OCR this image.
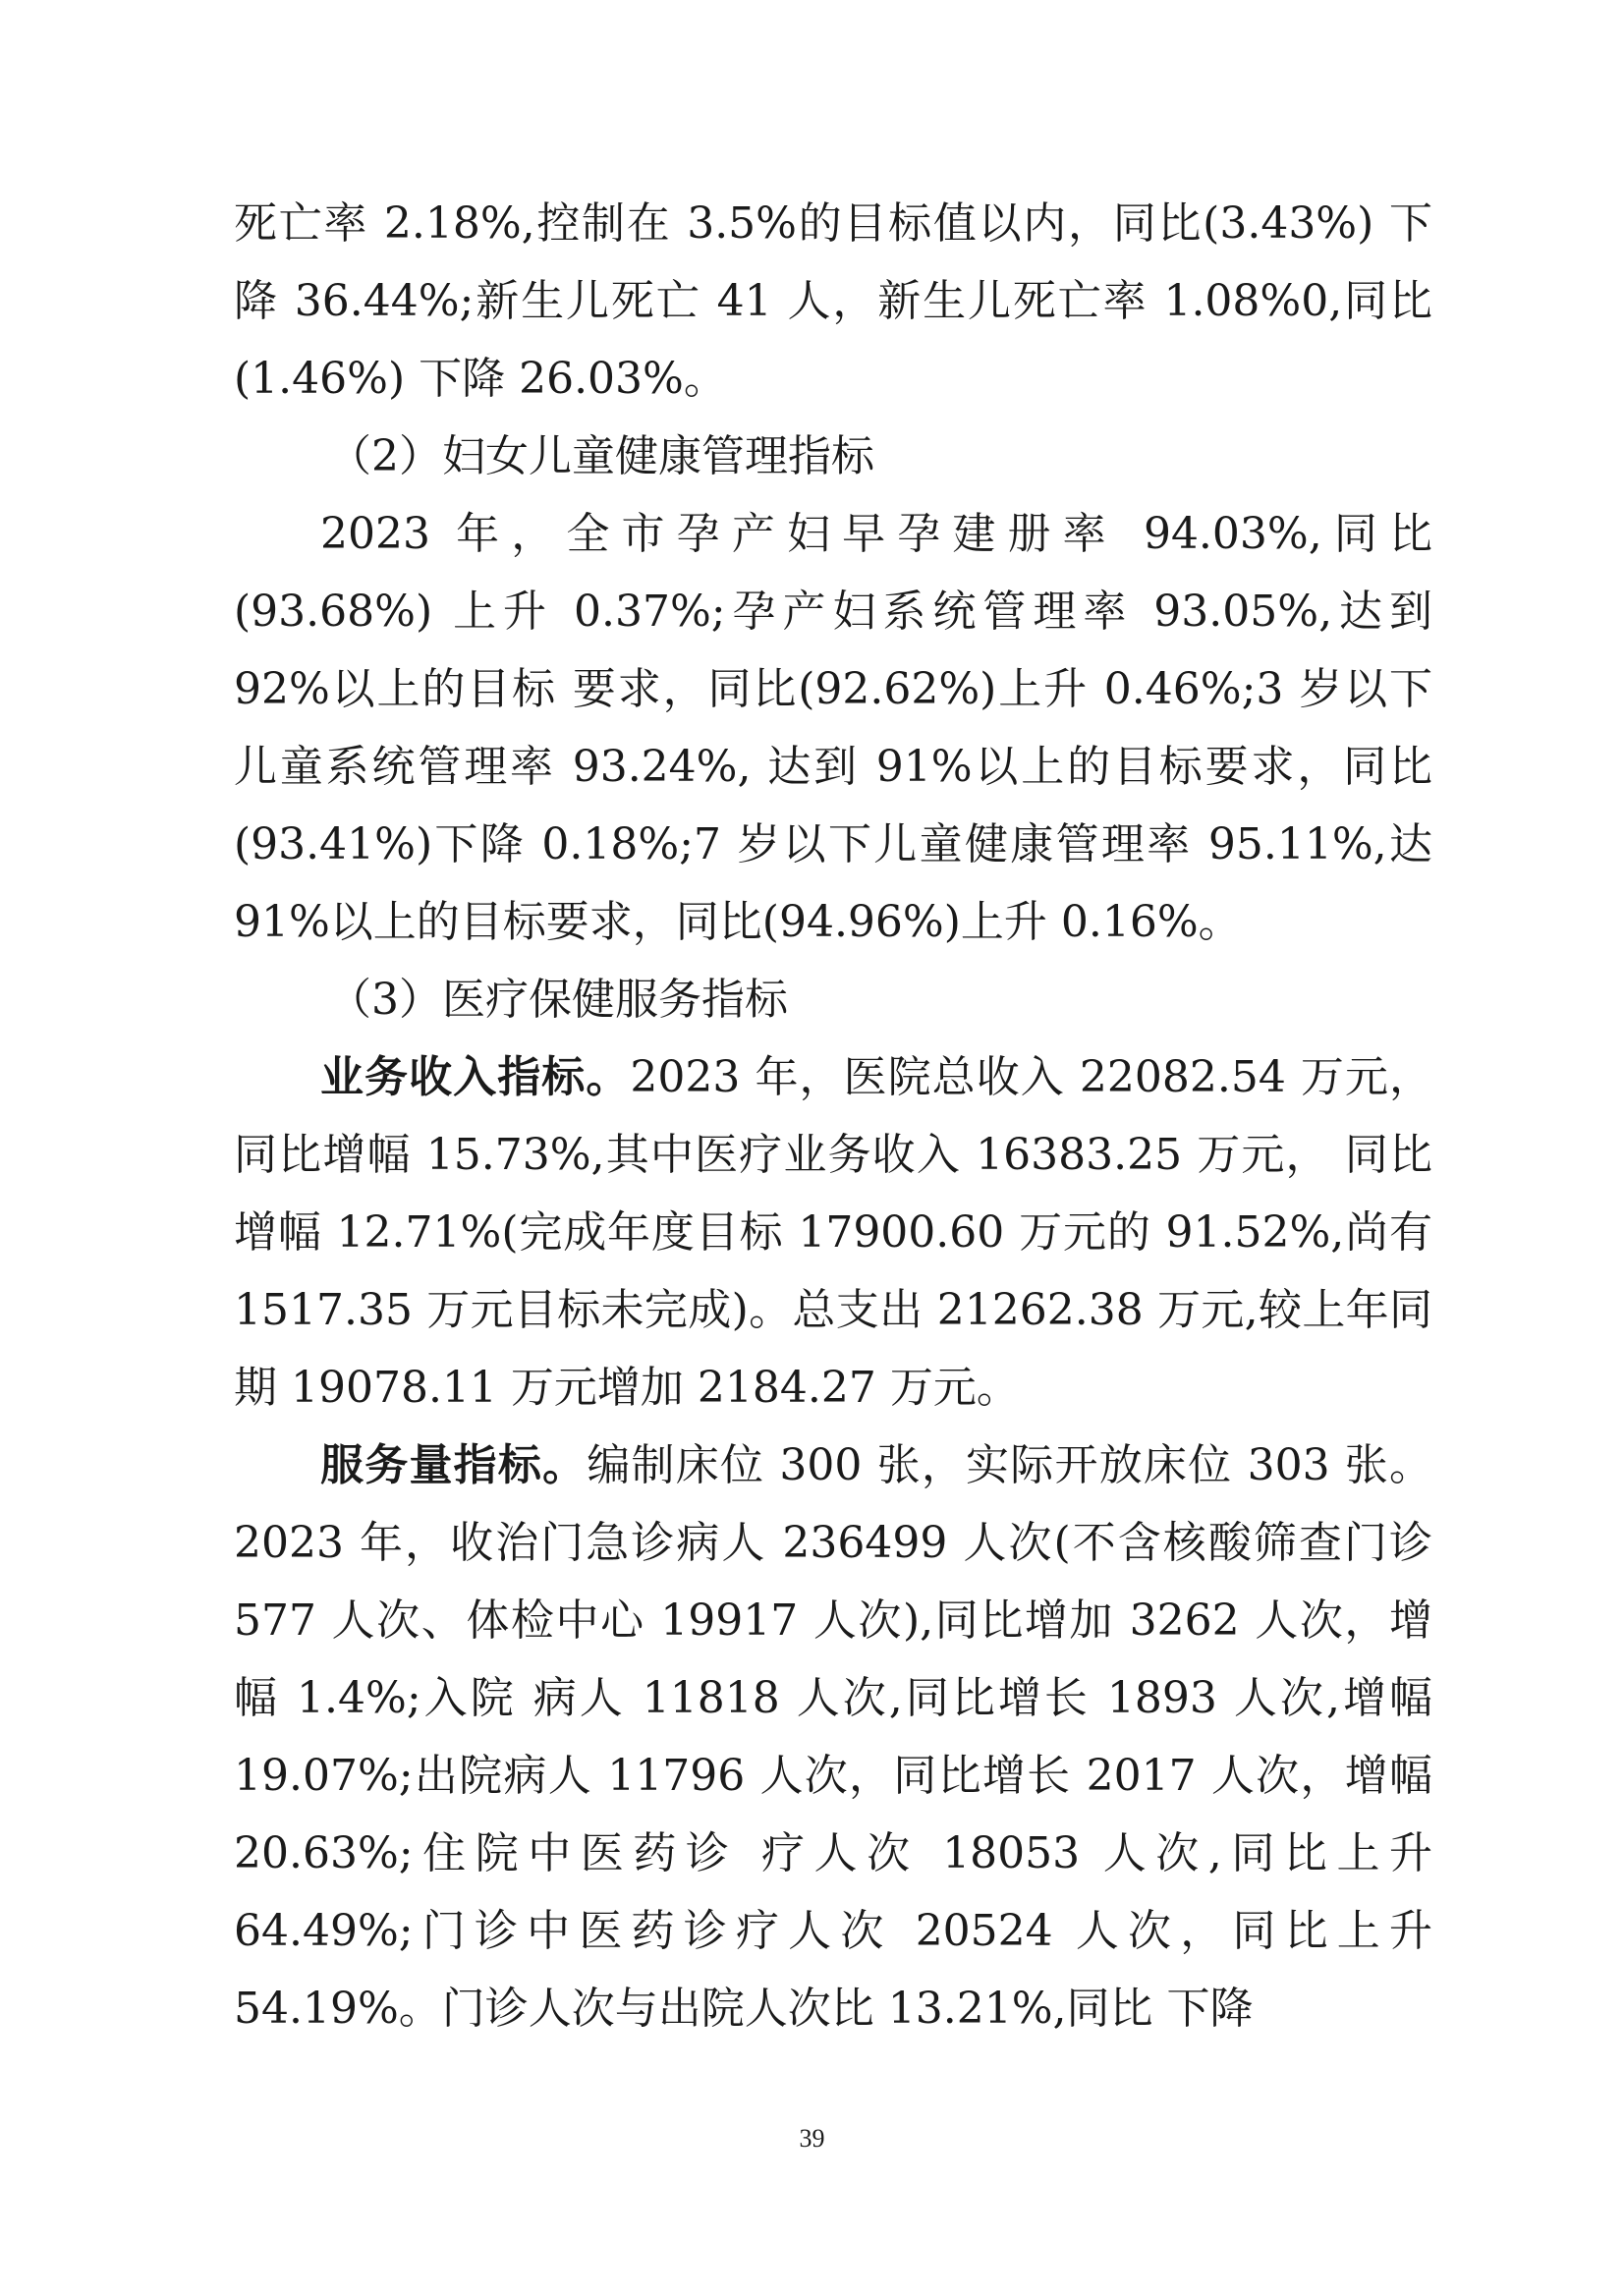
死亡率 2.18%,控制在 3.5%的目标值以内，同比(3.43%) 下降 36.44%;新生儿死亡 41 人，新生儿死亡率 1.08%0,同比 (1.46%) 下降 26.03%。

（2）妇女儿童健康管理指标

2023 年，全市孕产妇早孕建册率 94.03%,同比(93.68%) 上升 0.37%;孕产妇系统管理率 93.05%,达到 92%以上的目标 要求，同比(92.62%)上升 0.46%;3 岁以下儿童系统管理率 93.24%, 达到 91%以上的目标要求，同比(93.41%)下降 0.18%;7 岁以下儿童健康管理率 95.11%,达 91%以上的目标要求，同比(94.96%)上升 0.16%。

（3）医疗保健服务指标

业务收入指标。2023 年，医院总收入 22082.54 万元，同比增幅 15.73%,其中医疗业务收入 16383.25 万元， 同比增幅 12.71%(完成年度目标 17900.60 万元的 91.52%,尚有 1517.35 万元目标未完成)。总支出 21262.38 万元,较上年同期 19078.11 万元增加 2184.27 万元。

服务量指标。编制床位 300 张，实际开放床位 303 张。2023 年，收治门急诊病人 236499 人次(不含核酸筛查门诊 577 人次、体检中心 19917 人次),同比增加 3262 人次，增幅 1.4%;入院 病人 11818 人次,同比增长 1893 人次,增幅 19.07%;出院病人 11796 人次，同比增长 2017 人次，增幅 20.63%;住院中医药诊 疗人次 18053 人次,同比上升 64.49%;门诊中医药诊疗人次 20524 人次，同比上升 54.19%。门诊人次与出院人次比 13.21%,同比 下降

39
